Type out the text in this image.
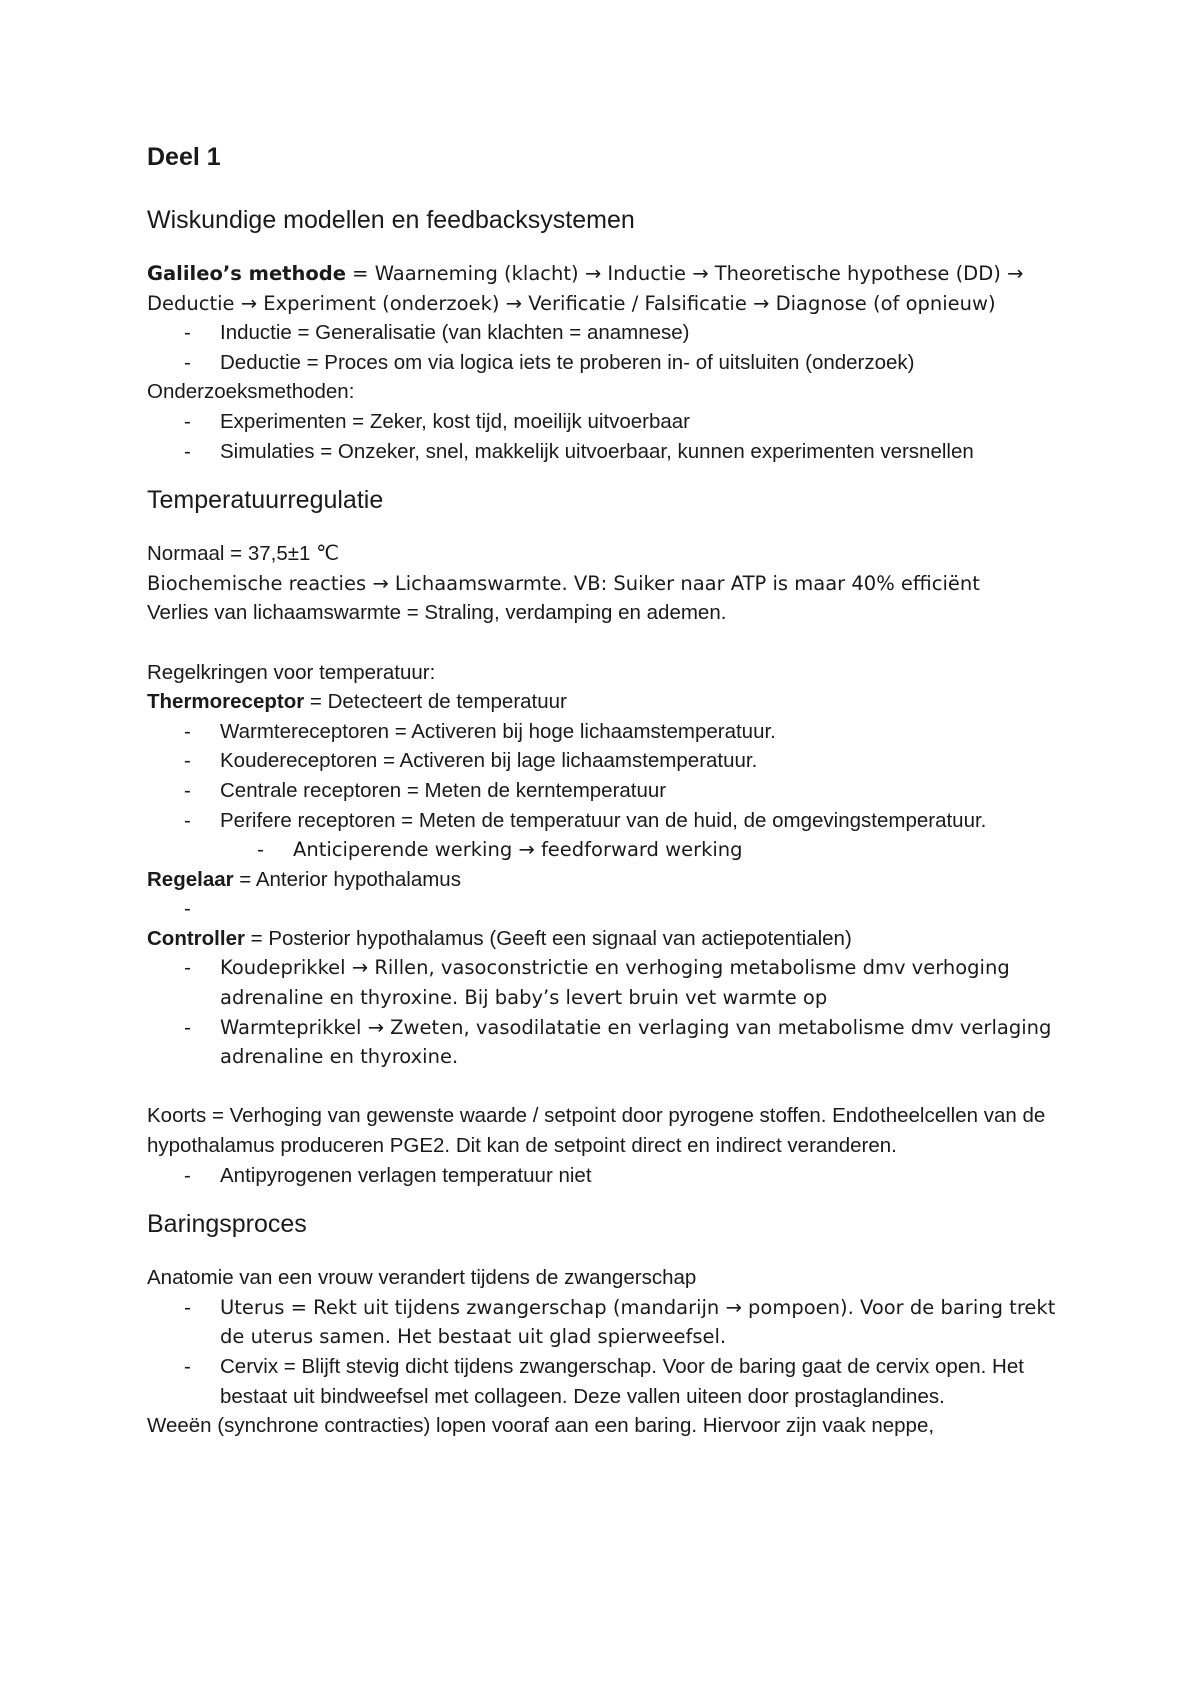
Deel 1

Wiskundige modellen en feedbacksystemen

Galileo’s methode = Waarneming (klacht) → Inductie → Theoretische hypothese (DD) → Deductie → Experiment (onderzoek) → Verificatie / Falsificatie → Diagnose (of opnieuw)

- Inductie = Generalisatie (van klachten = anamnese)
- Deductie = Proces om via logica iets te proberen in- of uitsluiten (onderzoek)

Onderzoeksmethoden:

- Experimenten = Zeker, kost tijd, moeilijk uitvoerbaar
- Simulaties = Onzeker, snel, makkelijk uitvoerbaar, kunnen experimenten versnellen

Temperatuurregulatie

Normaal = 37,5±1 ℃

Biochemische reacties → Lichaamswarmte. VB: Suiker naar ATP is maar 40% efficiënt

Verlies van lichaamswarmte = Straling, verdamping en ademen.

Regelkringen voor temperatuur:

Thermoreceptor = Detecteert de temperatuur

- Warmtereceptoren = Activeren bij hoge lichaamstemperatuur.
- Koudereceptoren = Activeren bij lage lichaamstemperatuur.
- Centrale receptoren = Meten de kerntemperatuur
- Perifere receptoren = Meten de temperatuur van de huid, de omgevingstemperatuur.
- Anticiperende werking → feedforward werking

Regelaar = Anterior hypothalamus

-

Controller = Posterior hypothalamus (Geeft een signaal van actiepotentialen)

- Koudeprikkel → Rillen, vasoconstrictie en verhoging metabolisme dmv verhoging adrenaline en thyroxine. Bij baby’s levert bruin vet warmte op
- Warmteprikkel → Zweten, vasodilatatie en verlaging van metabolisme dmv verlaging adrenaline en thyroxine.

Koorts = Verhoging van gewenste waarde / setpoint door pyrogene stoffen. Endotheelcellen van de hypothalamus produceren PGE2. Dit kan de setpoint direct en indirect veranderen.

- Antipyrogenen verlagen temperatuur niet

Baringsproces

Anatomie van een vrouw verandert tijdens de zwangerschap

- Uterus = Rekt uit tijdens zwangerschap (mandarijn → pompoen). Voor de baring trekt de uterus samen. Het bestaat uit glad spierweefsel.
- Cervix = Blijft stevig dicht tijdens zwangerschap. Voor de baring gaat de cervix open. Het bestaat uit bindweefsel met collageen. Deze vallen uiteen door prostaglandines.

Weeën (synchrone contracties) lopen vooraf aan een baring. Hiervoor zijn vaak neppe,
